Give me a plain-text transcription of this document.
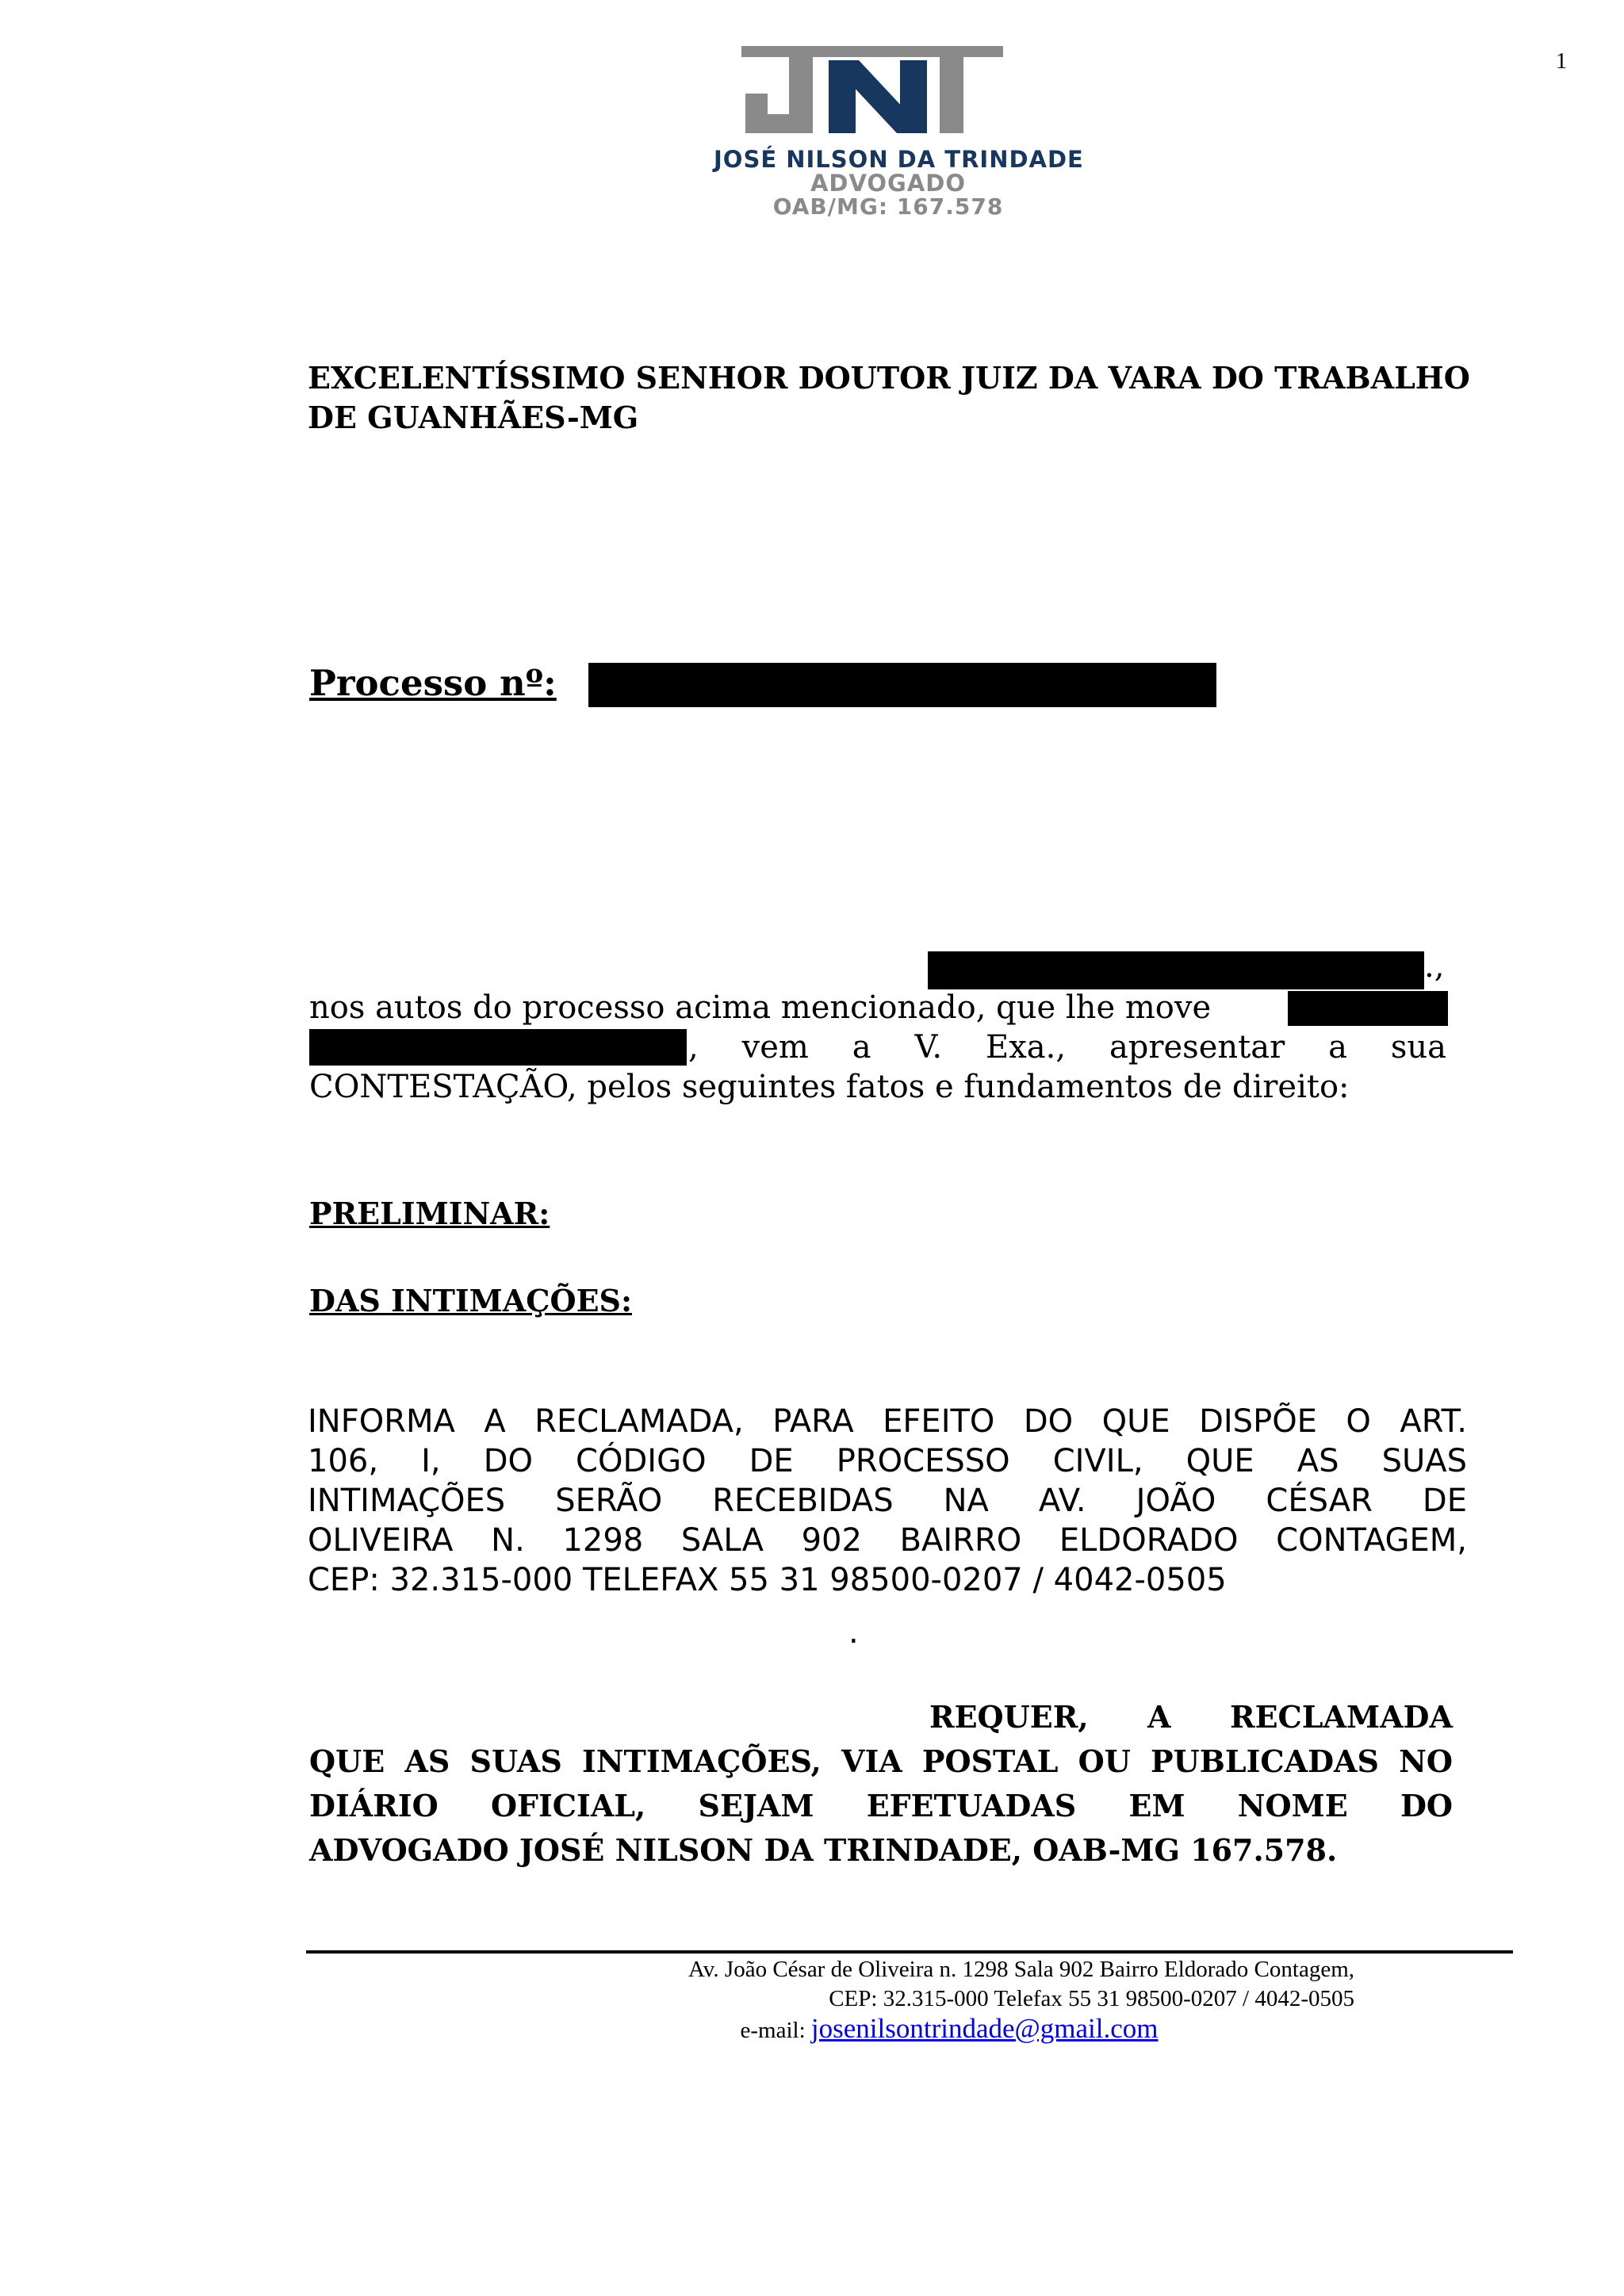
1
JOSÉ NILSON DA TRINDADE
ADVOGADO
OAB/MG: 167.578
EXCELENTÍSSIMO SENHOR DOUTOR JUIZ DA VARA DO TRABALHO
DE GUANHÃES-MG
Processo nº:
.,
nos autos do processo acima mencionado, que lhe move
, vem a V. Exa., apresentar a sua
CONTESTAÇÃO, pelos seguintes fatos e fundamentos de direito:
PRELIMINAR:
DAS INTIMAÇÕES:
INFORMA A RECLAMADA, PARA EFEITO DO QUE DISPÕE O ART.
106, I, DO CÓDIGO DE PROCESSO CIVIL, QUE AS SUAS
INTIMAÇÕES SERÃO RECEBIDAS NA AV. JOÃO CÉSAR DE
OLIVEIRA N. 1298 SALA 902 BAIRRO ELDORADO CONTAGEM,
CEP: 32.315-000 TELEFAX 55 31 98500-0207 / 4042-0505
.
REQUER, A RECLAMADA
QUE AS SUAS INTIMAÇÕES, VIA POSTAL OU PUBLICADAS NO
DIÁRIO OFICIAL, SEJAM EFETUADAS EM NOME DO
ADVOGADO JOSÉ NILSON DA TRINDADE, OAB-MG 167.578.
Av. João César de Oliveira n. 1298 Sala 902 Bairro Eldorado Contagem,
CEP: 32.315-000 Telefax 55 31 98500-0207 / 4042-0505
e-mail: josenilsontrindade@gmail.com
